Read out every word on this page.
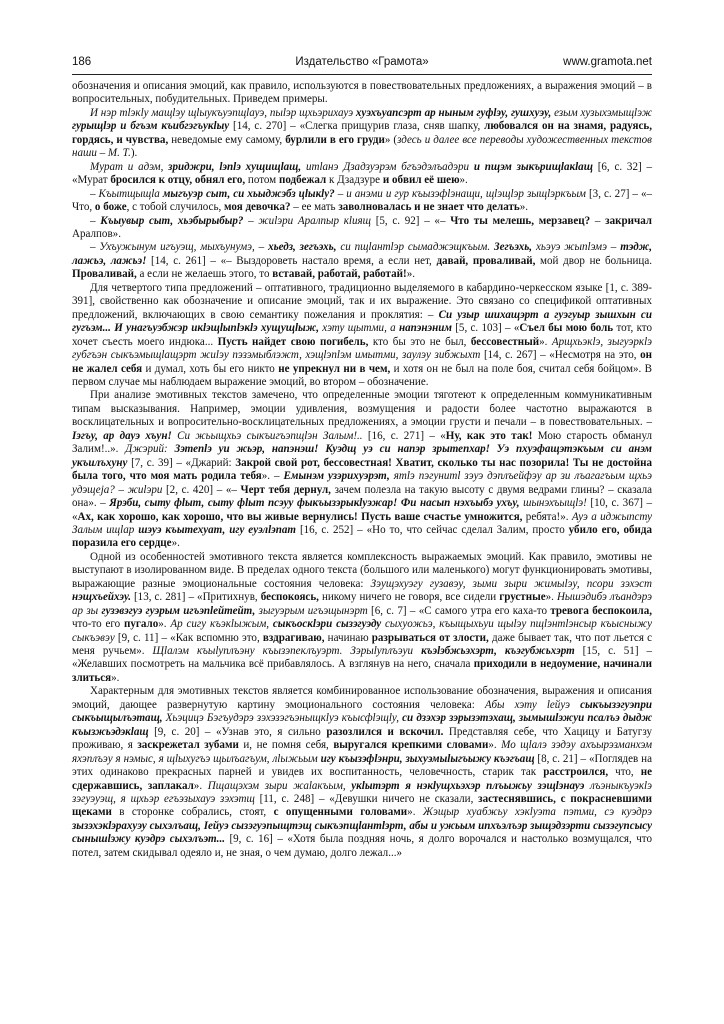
186	Издательство «Грамота»	www.gramota.net

обозначения и описания эмоций, как правило, используются в повествовательных предложениях, а выражения эмоций – в вопросительных, побудительных. Приведем примеры.

И нэр тlэкlу мащlэу щlыукъуэпщlауэ, пыlэр щхьэрихауэ хуэхъуапсэрт ар ныным гуфlэу, гушхуэу, езым хузыхэмыщlэж гурыщlэр и бгъэм къибгэгъукlыу [14, с. 270] – «Слегка прищурив глаза, сняв шапку, любовался он на знамя, радуясь, гордясь, и чувства, неведомые ему самому, бурлили в его груди» (здесь и далее все переводы художественных текстов наши – М. Т.).

Мурат и адэм, зриджри, lэпlэ хущищlащ, итlанэ Дзадзуэрэм бгъэдэлъадэри и пщэм зыкърищlакlащ [6, с. 32] – «Мурат бросился к отцу, обнял его, потом подбежал к Дзадзуре и обвил её шею».

– Къытщыщlа мыгъуэр сыт, си хьыджэбз цlыкlу? – и анэми и гур къызэфlэнащи, щlэщlэр зыщlэркъым [3, с. 27] – «– Что, о боже, с тобой случилось, моя девочка? – ее мать заволновалась и не знает что делать».

– Къыувыр сыт, хьэбырыбыр? – жиlэри Аралпыр кlиящ [5, с. 92] – «– Что ты мелешь, мерзавец? – закричал Аралпов».

– Ухъужынум игъуэщ, мыхъунумэ, – хьедз, зегъэхь, си пщlантlэр сымаджэщкъым. Зегъэхь, хьэуэ жыпlэмэ – тэдж, лажьэ, лажьэ! [14, с. 261] – «– Выздороветь настало время, а если нет, давай, проваливай, мой двор не больница. Проваливай, а если не желаешь этого, то вставай, работай, работай!».

Для четвертого типа предложений – оптативного, традиционно выделяемого в кабардино-черкесском языке [1, с. 389-391], свойственно как обозначение и описание эмоций, так и их выражение. Это связано со спецификой оптативных предложений, включающих в свою семантику пожелания и проклятия: – Си узыр шихащэрт а гуэгуыр зышхын си гугъэм... И унагъуэбжэр икlэщlыпlэкlэ хущущlыж, хэту щытми, а напэнэним [5, с. 103] – «Съел бы мою боль тот, кто хочет съесть моего индюка... Пусть найдет свою погибель, кто бы это не был, бессовестный». Арщхьэкlэ, зыгуэркlэ губгъэн сыкъэмыщlащэрт жиlэу пэзэмыблэжт, хэщlэпlэм имытми, заулэу зибжыхт [14, с. 267] – «Несмотря на это, он не жалел себя и думал, хоть бы его никто не упрекнул ни в чем, и хотя он не был на поле боя, считал себя бойцом». В первом случае мы наблюдаем выражение эмоций, во втором – обозначение.

При анализе эмотивных текстов замечено, что определенные эмоции тяготеют к определенным коммуникативным типам высказывания. Например, эмоции удивления, возмущения и радости более частотно выражаются в восклицательных и вопросительно-восклицательных предложениях, а эмоции грусти и печали – в повествовательных. – Iэгъу, ар дауэ хъун! Си жьыщхьэ сыкъигъэпщlэн Залым!.. [16, с. 271] – «Ну, как это так! Мою старость обманул Залим!..». Джэрий: Зэтепlэ уи жьэр, напэнэш! Куэдщ уэ си напэр зрытепхар! Уэ пхуэфащэтэкъым си анэм укъилъхуну [7, с. 39] – «Джарий: Закрой свой рот, бессовестная! Хватит, сколько ты нас позорила! Ты не достойна была того, что моя мать родила тебя». – Емынэм узэрихуэрэт, ятlэ пэгунитl зэуэ дэплъейфэу ар зи лъагагъым щхьэ удэщеjа? – жиlэри [2, с. 420] – «– Черт тебя дернул, зачем полезла на такую высоту с двумя ведрами глины? – сказала она». – Ярэби, сыту фlыт, сыту фlыт псэуу фыкъызэрыкlуэжар! Фи насып нэхъыбэ ухъу, шынэхъыщlэ! [10, с. 367] – «Ах, как хорошо, как хорошо, что вы живые вернулись! Пусть ваше счастье умножится, ребята!». Ауэ а иджыпсту Залым ищlар шэуэ къытехуат, игу еуэлlэпат [16, с. 252] – «Но то, что сейчас сделал Залим, просто убило его, обида поразила его сердце».

Одной из особенностей эмотивного текста является комплексность выражаемых эмоций. Как правило, эмотивы не выступают в изолированном виде. В пределах одного текста (большого или маленького) могут функционировать эмотивы, выражающие разные эмоциональные состояния человека: Зэущэхуэгу гузавэу, зыми зыри жимыlэу, псори зэхэст нэщхъейхэу. [13, с. 281] – «Притихнув, беспокоясь, никому ничего не говоря, все сидели грустные». Нышэдибэ лъандэрэ ар зы гузэвэгуэ гуэрым игъэпlейтейт, зыгуэрым игъэщынэрт [6, с. 7] – «С самого утра его каха-то тревога беспокоила, что-то его пугало». Ар сигу къэкlыжым, сыкъоскlэри сызэгуэду сыхуожьэ, къыщыхьуи щыlэу пщlэнтlэнсыр къысныжу сыкъэвэу [9, с. 11] – «Как вспомню это, вздрагиваю, начинаю разрываться от злости, даже бывает так, что пот льется с меня ручьем». Щlалэм къыlуплъэну къызэпеклъуэрт. Зэрыlуплъэуи къэlэбжьэхэрт, къэгубжьхэрт [15, с. 51] – «Желавших посмотреть на мальчика всё прибавлялось. А взглянув на него, сначала приходили в недоумение, начинали злиться».

Характерным для эмотивных текстов является комбинированное использование обозначения, выражения и описания эмоций, дающее развернутую картину эмоционального состояния человека: Абы хэту lейуэ сыкъызэгуэпри сыкъыщылъэтащ, Хьэцицэ Бэгъудэрэ зэхэзэгъэныщкlуэ къысфlэщlу, си дзэхэр зэрызэтэхащ, зымышlэжуи псалъэ дыдж къызжьэдэкlащ [9, с. 20] – «Узнав это, я сильно разозлился и вскочил. Представляя себе, что Хацицу и Батугзу проживаю, я заскрежетал зубами и, не помня себя, выругался крепкими словами». Мо щlалэ зэдэу ахъырэзманхэм яхэплъэу я нэмыс, я щlыхугъэ щылъагъум, лlыжьым игу къызэфlэнри, зыхуэмыlыгъыжу къэгъащ [8, с. 21] – «Поглядев на этих одинаково прекрасных парней и увидев их воспитанность, человечность, старик так расстроился, что, не сдержавшись, заплакал». Пщащэхэм зыри жаlакъым, укlытэрт я нэкlущхьэхэр плъыжьу зэщlэнауэ лъэныкъуэкlэ зэгуэуэщ, я щхьэр егъэзыхауэ зэхэтщ [11, с. 248] – «Девушки ничего не сказали, застеснявшись, с покрасневшими щеками в сторонке собрались, стоят, с опущенными головами». Жэщыр хуабжьу хэкlуэта пэтми, сэ куэдрэ зызэхэкlэрахуэу сыхэлъащ, Iейуэ сызэгуэпыщтэщ сыкъэпщlантlэрт, абы и ужьым ипхъэлъэр зыщэдзэрти сызэгупсысу сынышlэжу куэдрэ сыхэлъэт... [9, с. 16] – «Хотя была поздняя ночь, я долго ворочался и настолько возмущался, что потел, затем скидывал одеяло и, не зная, о чем думаю, долго лежал...»
